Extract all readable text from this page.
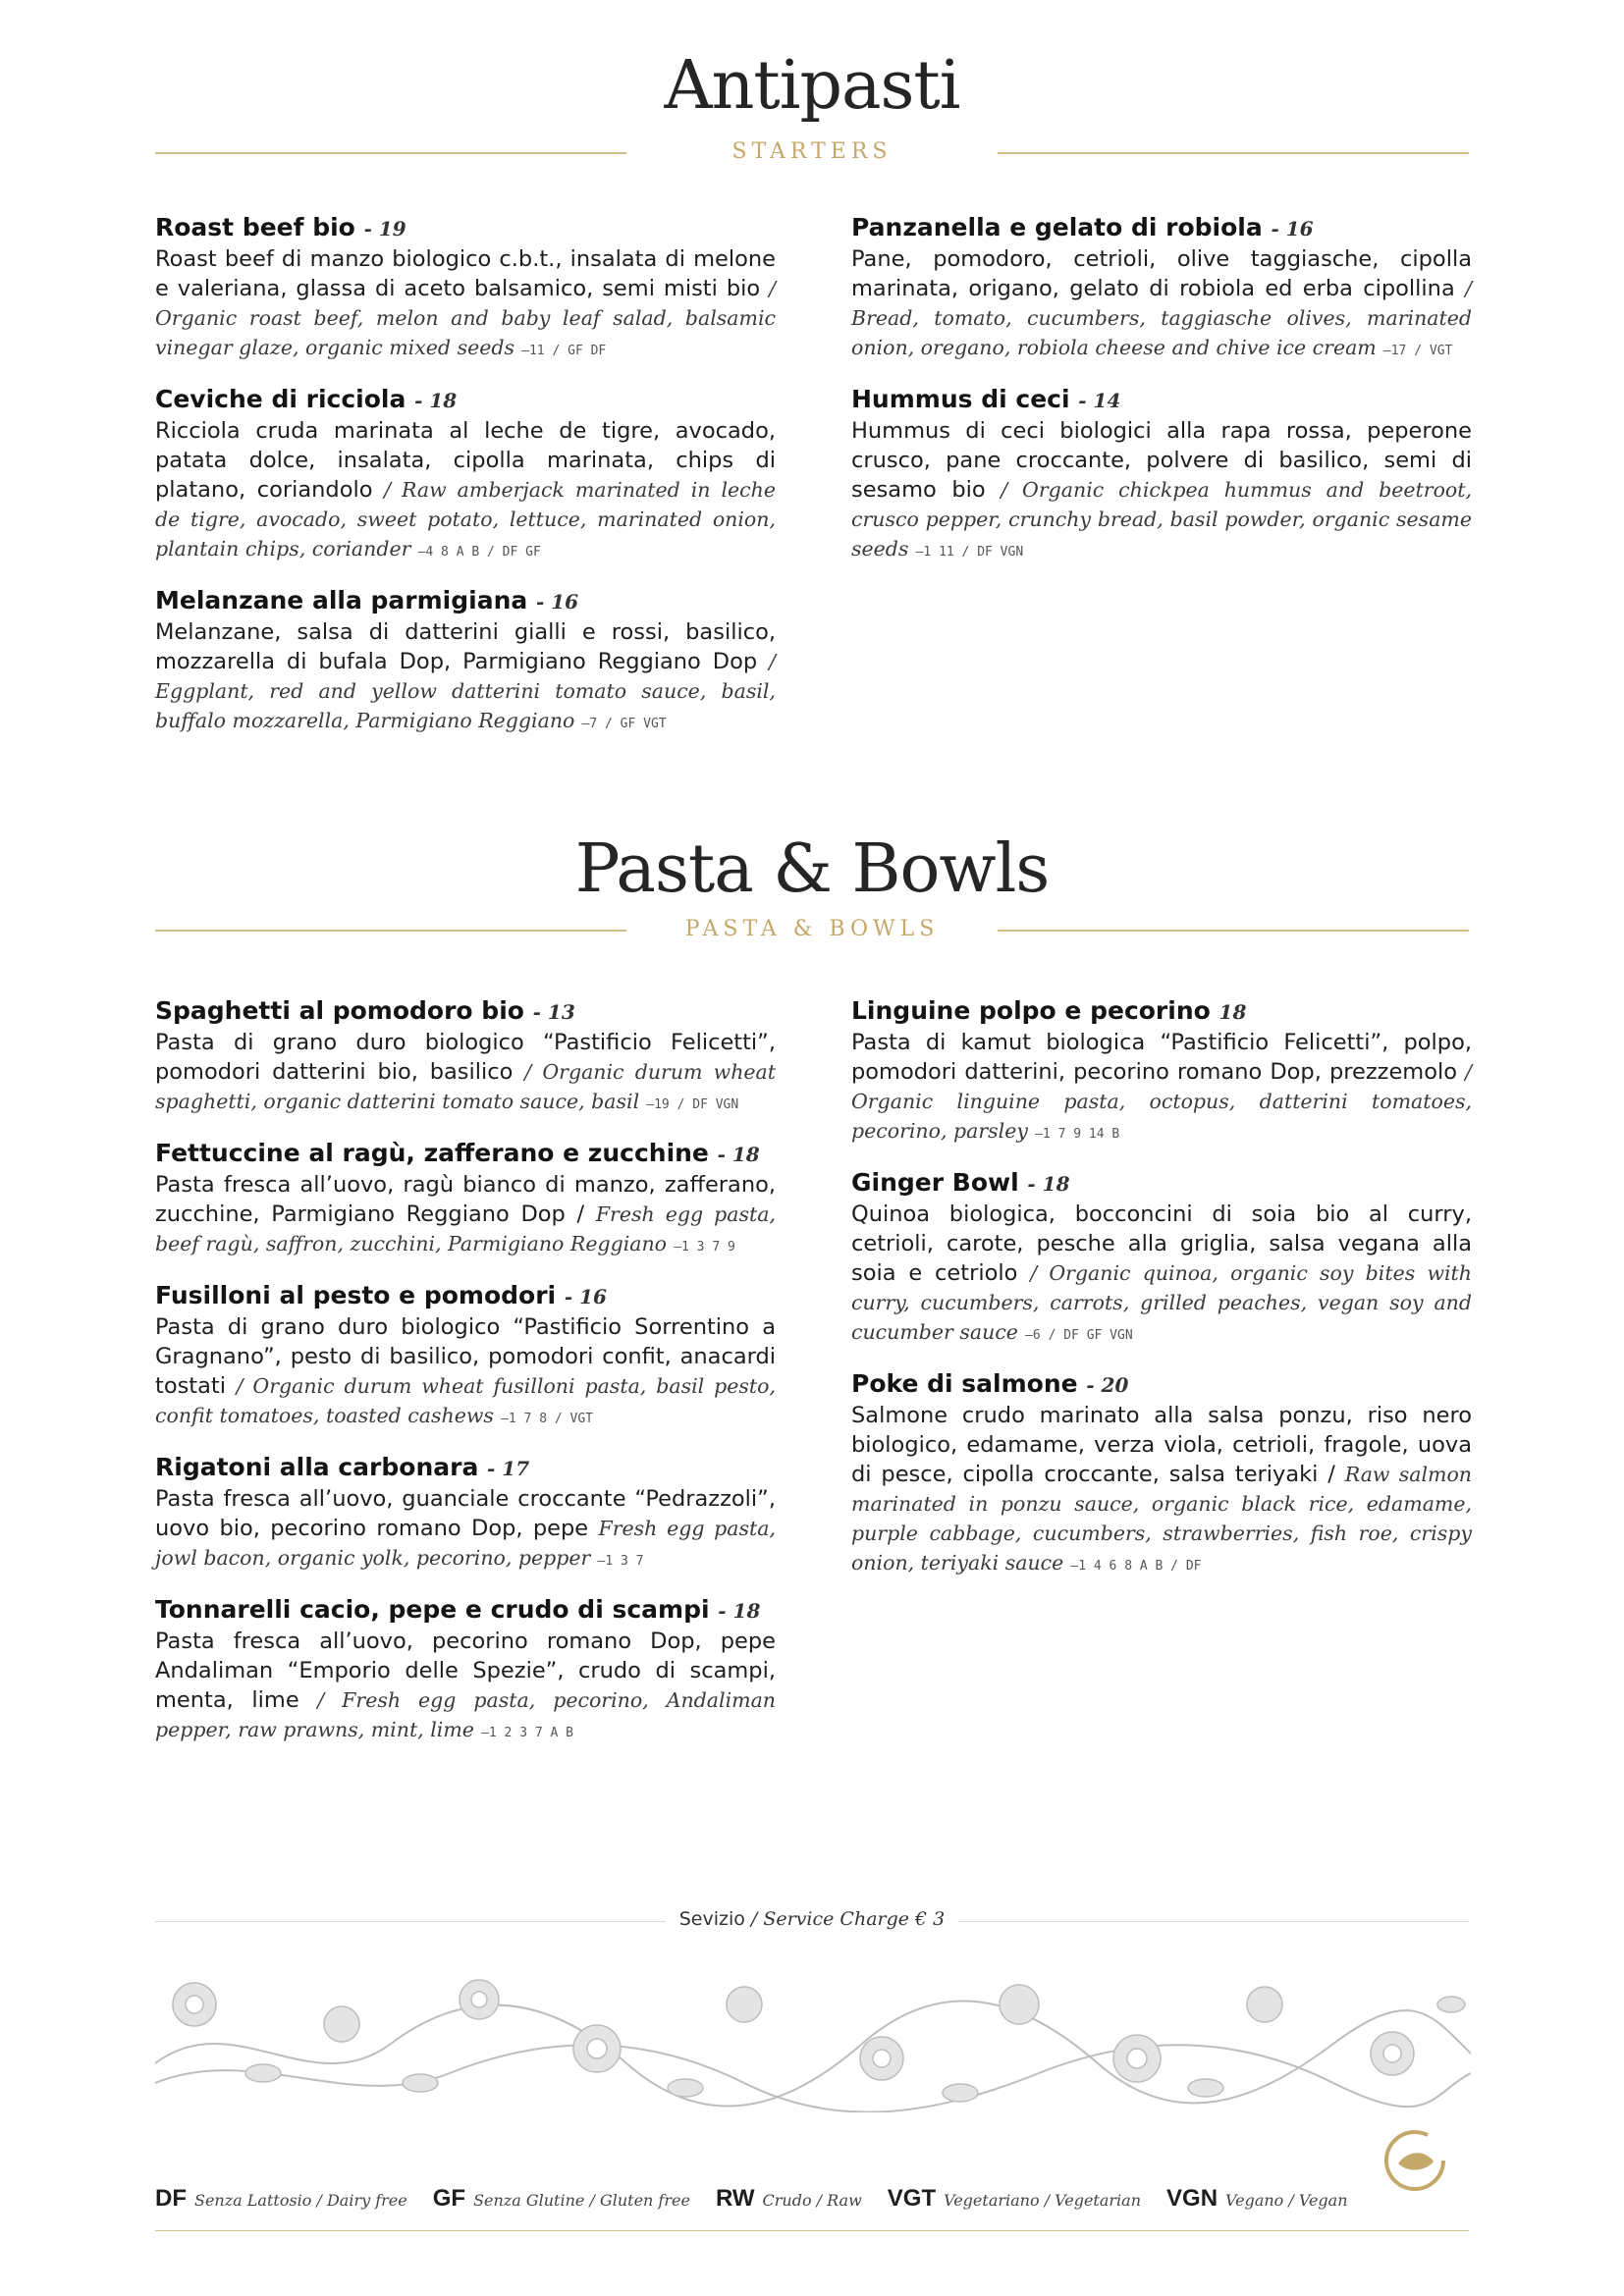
Antipasti
STARTERS
Roast beef bio - 19
Roast beef di manzo biologico c.b.t., insalata di melone e valeriana, glassa di aceto balsamico, semi misti bio / Organic roast beef, melon and baby leaf salad, balsamic vinegar glaze, organic mixed seeds —11 / GF DF
Ceviche di ricciola - 18
Ricciola cruda marinata al leche de tigre, avocado, patata dolce, insalata, cipolla marinata, chips di platano, coriandolo / Raw amberjack marinated in leche de tigre, avocado, sweet potato, lettuce, marinated onion, plantain chips, coriander —4 8 A B / DF GF
Melanzane alla parmigiana - 16
Melanzane, salsa di datterini gialli e rossi, basilico, mozzarella di bufala Dop, Parmigiano Reggiano Dop / Eggplant, red and yellow datterini tomato sauce, basil, buffalo mozzarella, Parmigiano Reggiano —7 / GF VGT
Panzanella e gelato di robiola - 16
Pane, pomodoro, cetrioli, olive taggiasche, cipolla marinata, origano, gelato di robiola ed erba cipollina / Bread, tomato, cucumbers, taggiasche olives, marinated onion, oregano, robiola cheese and chive ice cream —17 / VGT
Hummus di ceci - 14
Hummus di ceci biologici alla rapa rossa, peperone crusco, pane croccante, polvere di basilico, semi di sesamo bio / Organic chickpea hummus and beetroot, crusco pepper, crunchy bread, basil powder, organic sesame seeds —1 11 / DF VGN
Pasta & Bowls
PASTA & BOWLS
Spaghetti al pomodoro bio - 13
Pasta di grano duro biologico “Pastificio Felicetti”, pomodori datterini bio, basilico / Organic durum wheat spaghetti, organic datterini tomato sauce, basil —19 / DF VGN
Fettuccine al ragù, zafferano e zucchine - 18
Pasta fresca all’uovo, ragù bianco di manzo, zafferano, zucchine, Parmigiano Reggiano Dop / Fresh egg pasta, beef ragù, saffron, zucchini, Parmigiano Reggiano —1 3 7 9
Fusilloni al pesto e pomodori - 16
Pasta di grano duro biologico “Pastificio Sorrentino a Gragnano”, pesto di basilico, pomodori confit, anacardi tostati / Organic durum wheat fusilloni pasta, basil pesto, confit tomatoes, toasted cashews —1 7 8 / VGT
Rigatoni alla carbonara - 17
Pasta fresca all’uovo, guanciale croccante “Pedrazzoli”, uovo bio, pecorino romano Dop, pepe Fresh egg pasta, jowl bacon, organic yolk, pecorino, pepper —1 3 7
Tonnarelli cacio, pepe e crudo di scampi - 18
Pasta fresca all’uovo, pecorino romano Dop, pepe Andaliman “Emporio delle Spezie”, crudo di scampi, menta, lime / Fresh egg pasta, pecorino, Andaliman pepper, raw prawns, mint, lime —1 2 3 7 A B
Linguine polpo e pecorino 18
Pasta di kamut biologica “Pastificio Felicetti”, polpo, pomodori datterini, pecorino romano Dop, prezzemolo / Organic linguine pasta, octopus, datterini tomatoes, pecorino, parsley —1 7 9 14 B
Ginger Bowl - 18
Quinoa biologica, bocconcini di soia bio al curry, cetrioli, carote, pesche alla griglia, salsa vegana alla soia e cetriolo / Organic quinoa, organic soy bites with curry, cucumbers, carrots, grilled peaches, vegan soy and cucumber sauce —6 / DF GF VGN
Poke di salmone - 20
Salmone crudo marinato alla salsa ponzu, riso nero biologico, edamame, verza viola, cetrioli, fragole, uova di pesce, cipolla croccante, salsa teriyaki / Raw salmon marinated in ponzu sauce, organic black rice, edamame, purple cabbage, cucumbers, strawberries, fish roe, crispy onion, teriyaki sauce —1 4 6 8 A B / DF
Sevizio / Service Charge € 3
DF Senza Lattosio / Dairy free GF Senza Glutine / Gluten free RW Crudo / Raw VGT Vegetariano / Vegetarian VGN Vegano / Vegan
